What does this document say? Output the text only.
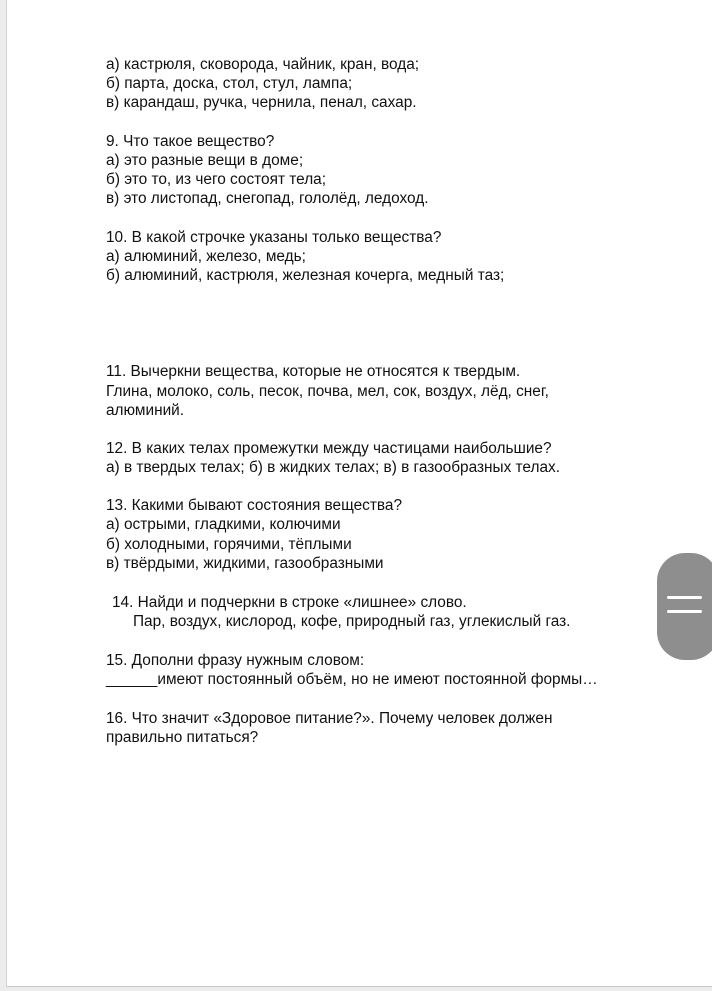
а) кастрюля, сковорода, чайник, кран, вода;
б) парта, доска, стол, стул, лампа;
в) карандаш, ручка, чернила, пенал, сахар.
9. Что такое вещество?
а) это разные вещи в доме;
б) это то, из чего состоят тела;
в) это листопад, снегопад, гололёд, ледоход.
10. В какой строчке указаны только вещества?
а) алюминий, железо, медь;
б) алюминий, кастрюля, железная кочерга, медный таз;
11. Вычеркни вещества, которые не относятся к твердым.
Глина, молоко, соль, песок, почва, мел, сок, воздух, лёд, снег,
алюминий.
12. В каких телах промежутки между частицами наибольшие?
а) в твердых телах; б) в жидких телах; в) в газообразных телах.
13. Какими бывают состояния вещества?
а) острыми, гладкими, колючими
б) холодными, горячими, тёплыми
в) твёрдыми, жидкими, газообразными
14. Найди и подчеркни в строке «лишнее» слово.
Пар, воздух, кислород, кофе, природный газ, углекислый газ.
15. Дополни фразу нужным словом:
______имеют постоянный объём, но не имеют постоянной формы…
16. Что значит «Здоровое питание?». Почему человек должен
правильно питаться?
